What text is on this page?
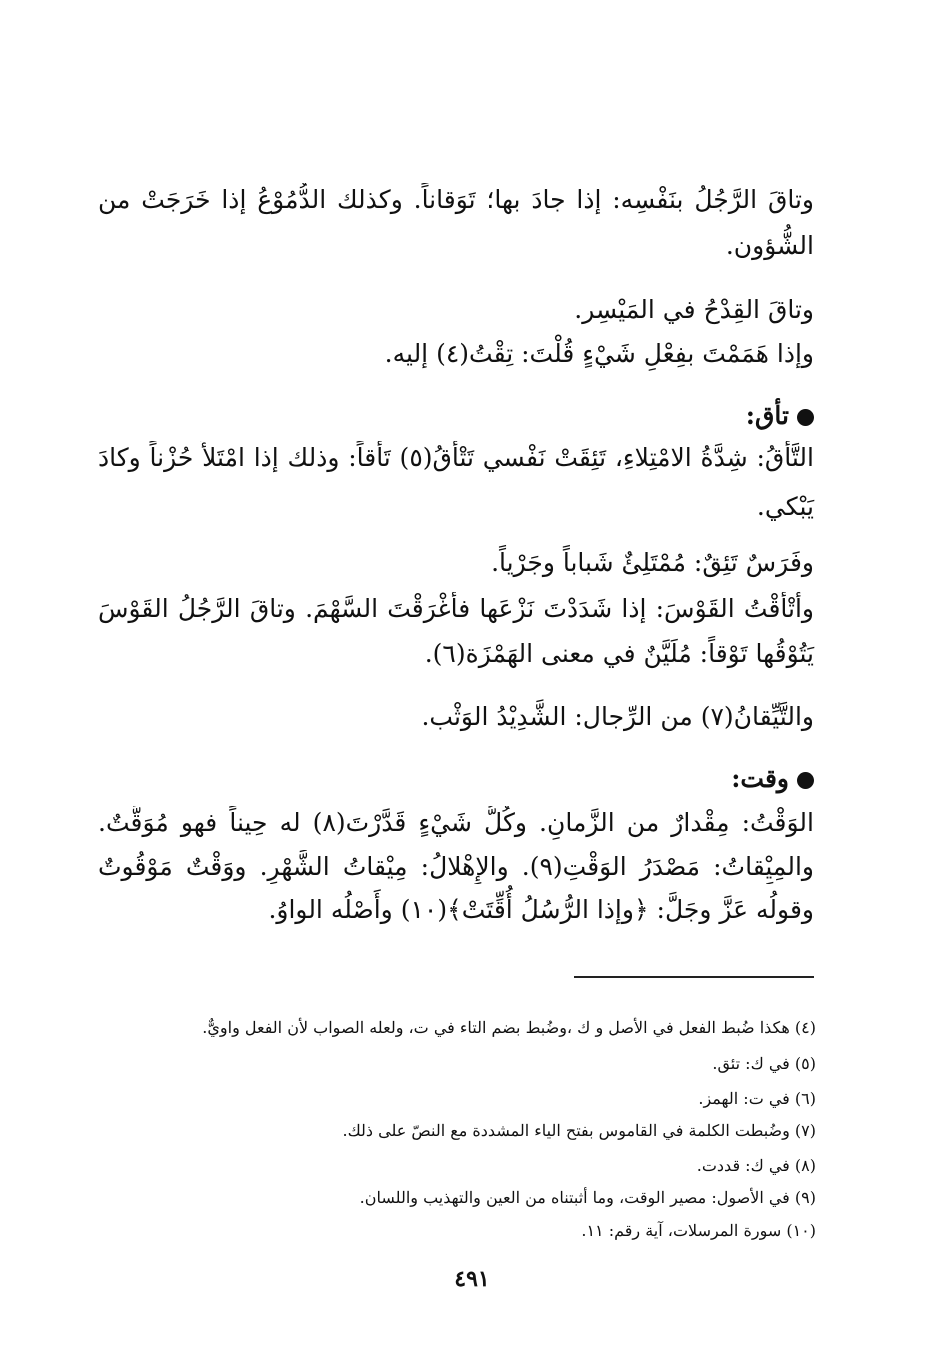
وتاقَ الرَّجُلُ بنَفْسِه: إذا جادَ بها؛ تَوَقاناً. وكذلك الدُّمُوْعُ إذا خَرَجَتْ من
الشُّؤون.
وتاقَ القِدْحُ في المَيْسِر.
وإذا هَمَمْتَ بفِعْلِ شَيْءٍ قُلْتَ: تِقْتُ(٤) إليه.
تأق:
التَّأَقُ: شِدَّةُ الامْتِلاءِ، تَئِقَتْ نَفْسي تَتْأَقُ(٥) تَأَقاً: وذلك إذا امْتَلأَ حُزْناً وكادَ
يَبْكي.
وفَرَسٌ تَئِقٌ: مُمْتَلِئٌ شَباباً وجَرْياً.
وأَتْأَقْتُ القَوْسَ: إذا شَدَدْتَ نَزْعَها فأغْرَقْتَ السَّهْمَ. وتاقَ الرَّجُلُ القَوْسَ
يَتُوْقُها تَوْقاً: مُلَيَّنٌ في معنى الهَمْزَة(٦).
والتَّيِّقانُ(٧) من الرِّجال: الشَّدِيْدُ الوَثْب.
وقت:
الوَقْتُ: مِقْدارٌ من الزَّمانِ. وكُلُّ شَيْءٍ قَدَّرْتَ(٨) له حِيناً فهو مُوَقَّتٌ.
والمِيْقاتُ: مَصْدَرُ الوَقْتِ(٩). والإِهْلالُ: مِيْقاتُ الشَّهْرِ. ووَقْتٌ مَوْقُوتٌ
وقولُه عَزَّ وجَلَّ: ﴿وإذا الرُّسُلُ أُقِّتَتْ﴾(١٠) وأَصْلُه الواوُ.
(٤) هكذا ضُبط الفعل في الأصل و ك ،وضُبط بضم التاء في ت، ولعله الصواب لأن الفعل واويٌّ.
(٥) في ك: تئق.
(٦) في ت: الهمز.
(٧) وضُبطت الكلمة في القاموس بفتح الياء المشددة مع النصّ على ذلك.
(٨) في ك: قددت.
(٩) في الأصول: مصير الوقت، وما أثبتناه من العين والتهذيب واللسان.
(١٠) سورة المرسلات، آية رقم: ١١.
٤٩١
